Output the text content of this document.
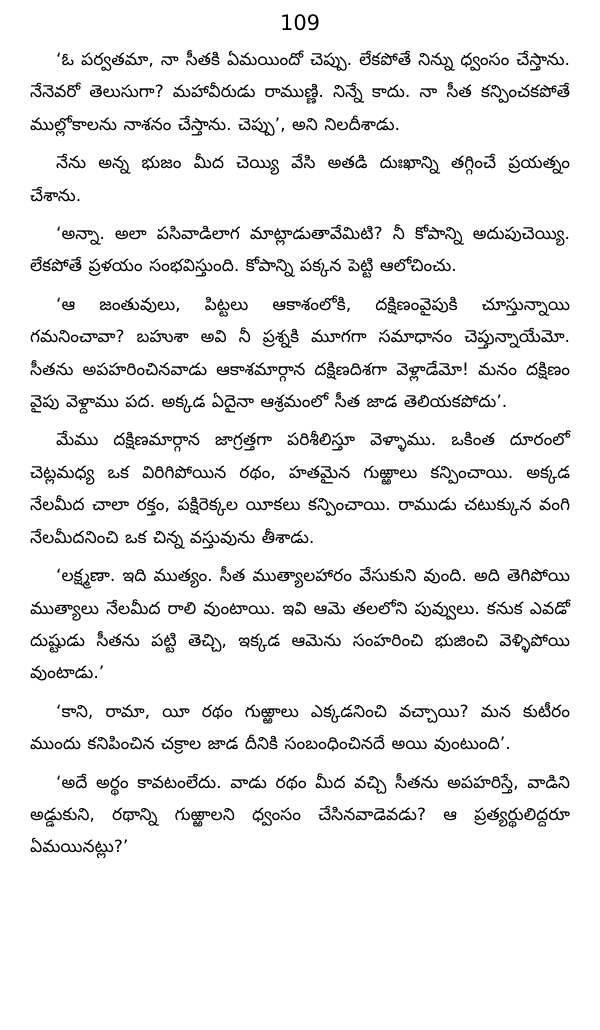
109

‘ఓ పర్వతమా, నా సీతకి ఏమయిందో చెప్పు. లేకపోతే నిన్ను ధ్వంసం చేస్తాను. నేనెవరో తెలుసుగా? మహావీరుడు రాముణ్ణి. నిన్నే కాదు. నా సీత కన్పించకపోతే ముల్లోకాలను నాశనం చేస్తాను. చెప్పు’, అని నిలదీశాడు.

నేను అన్న భుజం మీద చెయ్యి వేసి అతడి దుఃఖాన్ని తగ్గించే ప్రయత్నం చేశాను.

‘అన్నా. అలా పసివాడిలాగ మాట్లాడుతావేమిటి? నీ కోపాన్ని అదుపుచెయ్యి. లేకపోతే ప్రళయం సంభవిస్తుంది. కోపాన్ని పక్కన పెట్టి ఆలోచించు.

‘ఆ జంతువులు, పిట్టలు ఆకాశంలోకి, దక్షిణంవైపుకి చూస్తున్నాయి గమనించావా? బహుశా అవి నీ ప్రశ్నకి మూగగా సమాధానం చెప్తున్నాయేమో. సీతను అపహరించినవాడు ఆకాశమార్గాన దక్షిణదిశగా వెళ్లాడేమో! మనం దక్షిణం వైపు వెళ్దాము పద. అక్కడ ఏదైనా ఆశ్రమంలో సీత జాడ తెలియకపోదు’.

మేము దక్షిణమార్గాన జాగ్రత్తగా పరిశీలిస్తూ వెళ్ళాము. ఒకింత దూరంలో చెట్లమధ్య ఒక విరిగిపోయిన రథం, హతమైన గుఱ్ఱాలు కన్పించాయి. అక్కడ నేలమీద చాలా రక్తం, పక్షిరెక్కల యీకలు కన్పించాయి. రాముడు చటుక్కున వంగి నేలమీదనించి ఒక చిన్న వస్తువును తీశాడు.

‘లక్ష్మణా. ఇది ముత్యం. సీత ముత్యాలహారం వేసుకుని వుంది. అది తెగిపోయి ముత్యాలు నేలమీద రాలి వుంటాయి. ఇవి ఆమె తలలోని పువ్వులు. కనుక ఎవడో దుష్టుడు సీతను పట్టి తెచ్చి, ఇక్కడ ఆమెను సంహరించి భుజించి వెళ్ళిపోయి వుంటాడు.’

‘కాని, రామా, యీ రథం గుఱ్ఱాలు ఎక్కడనించి వచ్చాయి? మన కుటీరం ముందు కనిపించిన చక్రాల జాడ దీనికి సంబంధించినదే అయి వుంటుంది’.

‘అదే అర్థం కావటంలేదు. వాడు రథం మీద వచ్చి సీతను అపహరిస్తే, వాడిని అడ్డుకుని, రథాన్ని గుఱ్ఱాలని ధ్వంసం చేసినవాడెవడు? ఆ ప్రత్యర్థులిద్దరూ ఏమయినట్లు?’
